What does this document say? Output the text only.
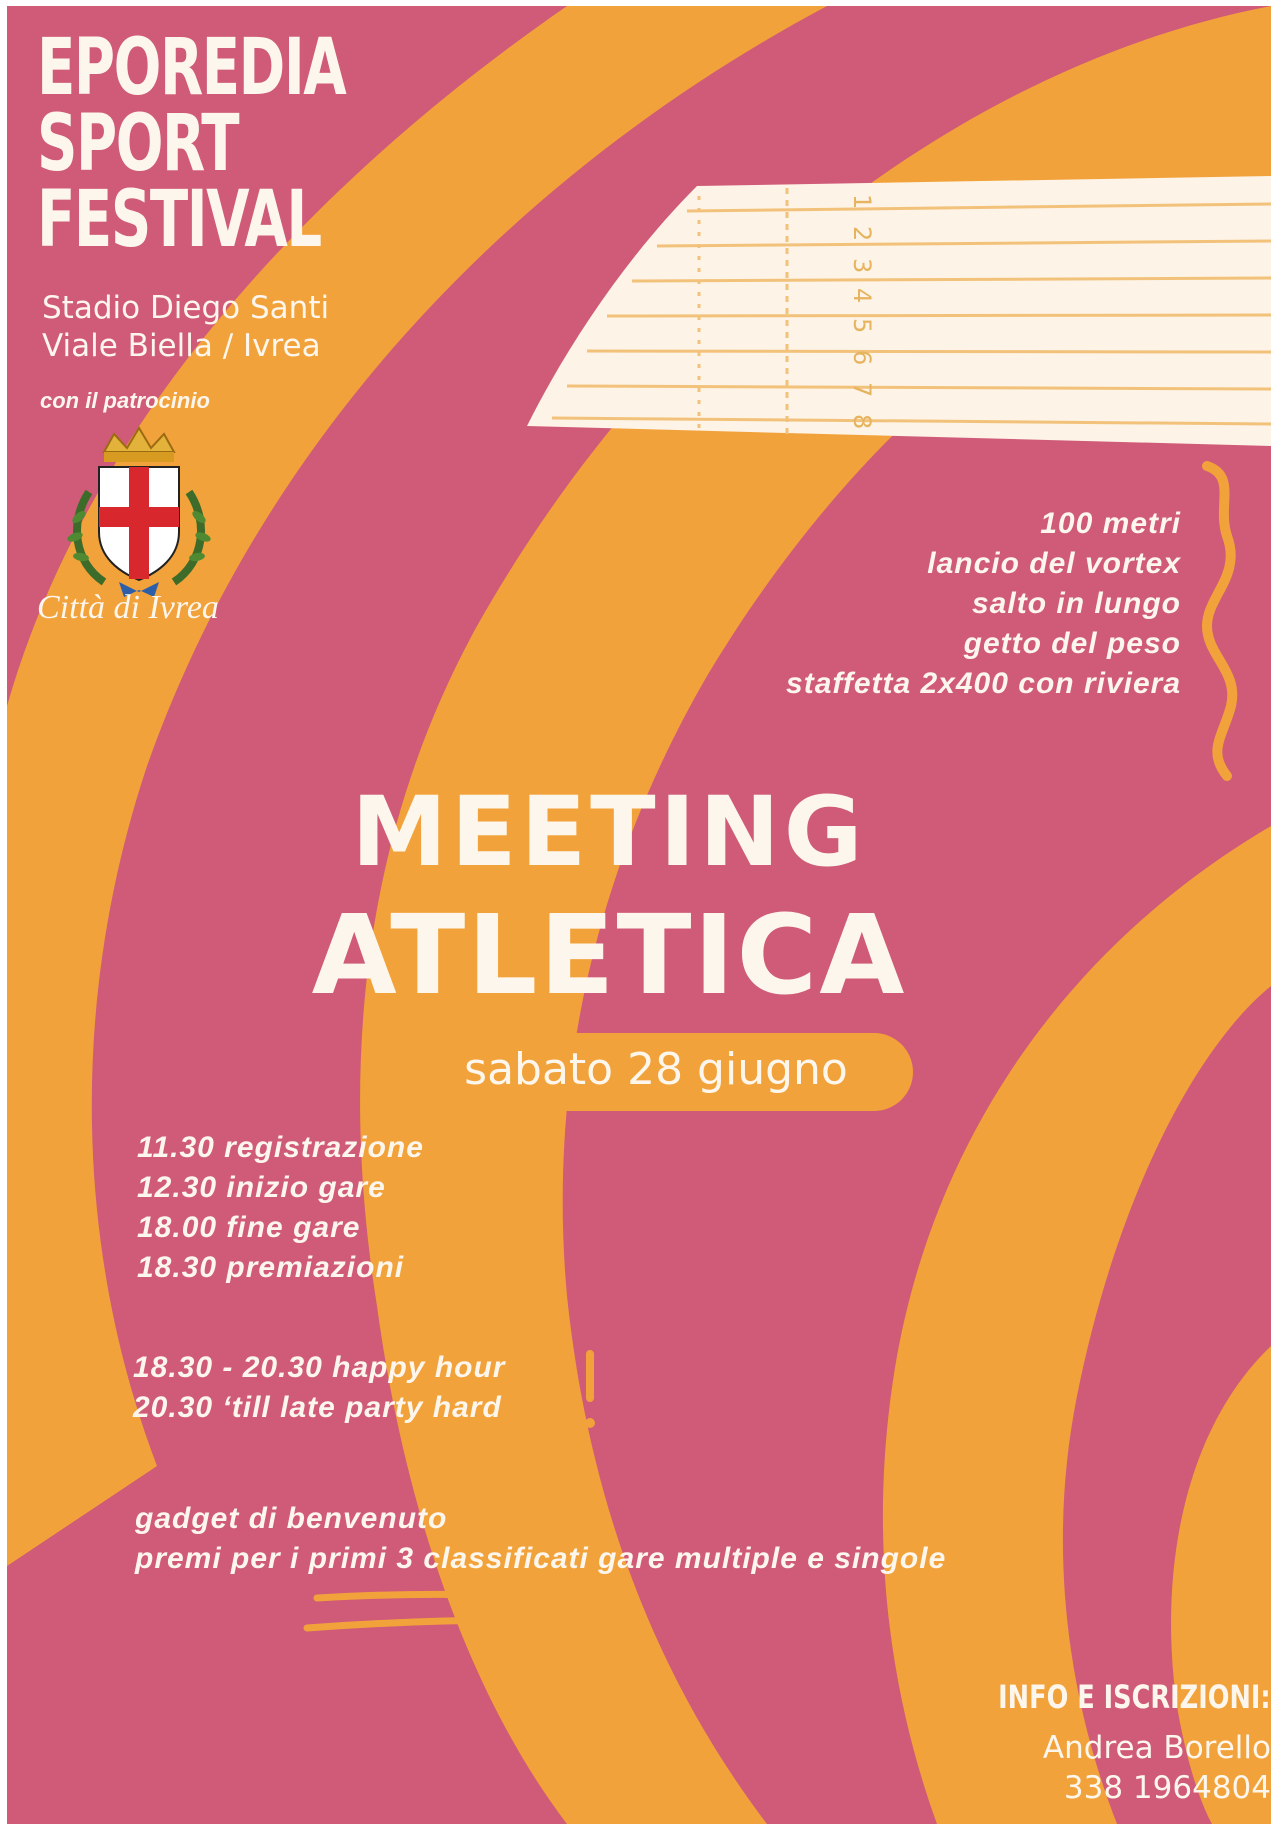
EPOREDIA
SPORT
FESTIVAL

Stadio Diego Santi
Viale Biella / Ivrea

con il patrocinio

Città di Ivrea

1
2
3
4
5
6
7
8
100 metri
lancio del vortex
salto in lungo
getto del peso
staffetta 2x400 con riviera
MEETING
ATLETICA

sabato 28 giugno

11.30 registrazione
12.30 inizio gare
18.00 fine gare
18.30 premiazioni
18.30 - 20.30 happy hour
20.30 ‘till late party hard
gadget di benvenuto
premi per i primi 3 classificati gare multiple e singole

INFO E ISCRIZIONI:

Andrea Borello
338 1964804
